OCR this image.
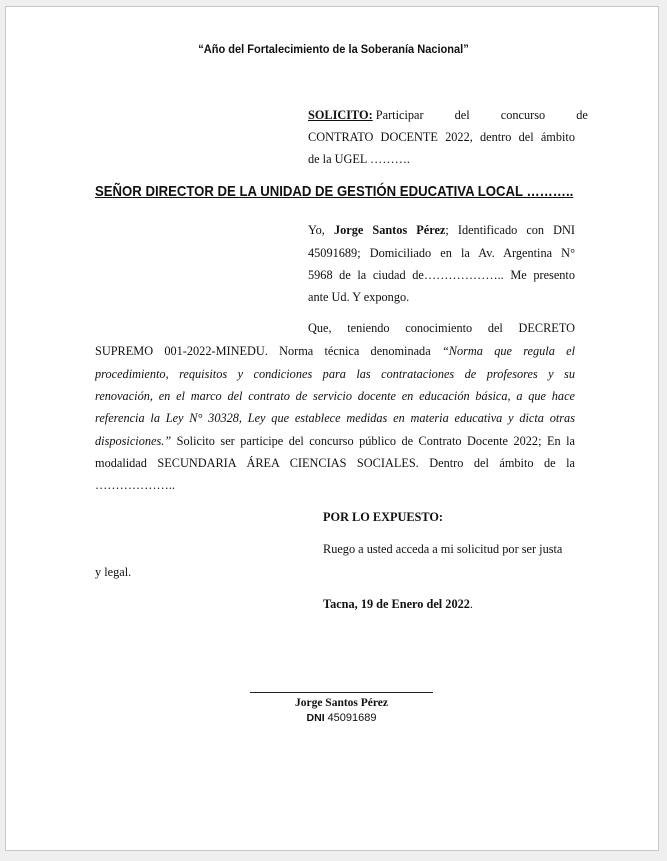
“Año del Fortalecimiento de la Soberanía Nacional”
SOLICITO: Participar del concurso de
CONTRATO DOCENTE 2022, dentro del ámbito
de la UGEL ……….
SEÑOR DIRECTOR DE LA UNIDAD DE GESTIÓN EDUCATIVA LOCAL ………..
Yo, Jorge Santos Pérez; Identificado con DNI
45091689; Domiciliado en la Av. Argentina N°
5968 de la ciudad de……………….. Me presento
ante Ud. Y expongo.
Que, teniendo conocimiento del DECRETO
SUPREMO 001-2022-MINEDU. Norma técnica denominada “Norma que regula el
procedimiento, requisitos y condiciones para las contrataciones de profesores y su
renovación, en el marco del contrato de servicio docente en educación básica, a que hace
referencia la Ley N° 30328, Ley que establece medidas en materia educativa y dicta otras
disposiciones.” Solicito ser participe del concurso público de Contrato Docente 2022; En la
modalidad SECUNDARIA ÁREA CIENCIAS SOCIALES. Dentro del ámbito de la
………………..
POR LO EXPUESTO:
Ruego a usted acceda a mi solicitud por ser justa
y legal.
Tacna, 19 de Enero del 2022.
Jorge Santos Pérez
DNI 45091689
